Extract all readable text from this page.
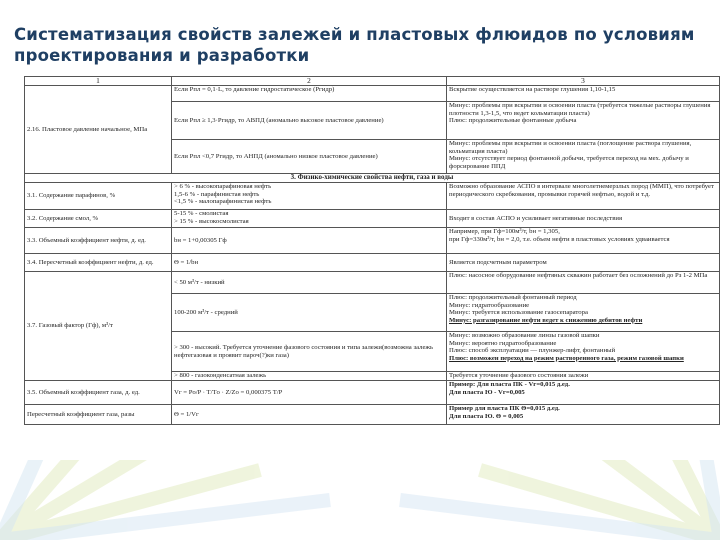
Систематизация свойств залежей и пластовых флюидов по условиям проектирования и разработки
1	2	3
2.16. Пластовое давление начальное, МПа	Если Pпл = 0,1·L, то давление гидростатическое (Pгидр)	Вскрытие осуществляется на растворе глушения 1,10-1,15
	Если Pпл ≥ 1,3·Pгидр, то АВПД (аномально высокое пластовое давление)	Минус: проблемы при вскрытии и освоении пласта (требуется тяжелые растворы глушения плотности 1,3-1,5, что ведет кольматации пласта)
Плюс: продолжительные фонтанные добыча

	Если Pпл <0,7 Pгидр, то АНПД (аномально низкое пластовое давление)	Минус: проблемы при вскрытии и освоении пласта (поглощение раствора глушения, кольматация пласта)
Минус: отсутствует период фонтанной добычи, требуется переход на мех. добычу и форсирование ППД

3. Физико-химические свойства нефти, газа и воды		
3.1. Содержание парафинов, %	> 6 % - высокопарафиновая нефть
1,5-6 % - парафинистая нефть
<1,5 % - малопарафинистая нефть	Возможно образование АСПО в интервале многолетнемерзлых пород (ММП), что потребует периодического скребкования, промывки горячей нефтью, водой и т.д.
3.2. Содержание смол, %	5-15 % - смолистая
> 15 % - высокосмолистая	Входит в состав АСПО и усиливает негативные последствия
3.3. Объемный коэффициент нефти, д. ед.	bн = 1+0,00305 Гф	Например, при Гф=100м³/т, bн = 1,305,
при Гф=330м³/т, bн = 2,0, т.е. объем нефти в пластовых условиях удваивается

3.4. Пересчетный коэффициент нефти, д. ед.	Θ = 1/bн	Является подсчетным параметром
3.7. Газовый фактор (Гф), м³/т	< 50 м³/т - низкий	Плюс: насосное оборудование нефтяных скважин работает без осложнений до Pз 1-2 МПа
	100-200 м³/т - средний	Плюс: продолжительный фонтанный период
Минус: гидратообразование
Минус: требуется использование газосепаратора
Минус: разгазирование нефти ведет к снижению дебитов нефти

	> 300 - высокий. Требуется уточнение фазового состояния и типа залежи(возможна залежь нефтегазовая и проявит пароч(?)ки газа)	Минус: возможно образование линзы газовой шапки
Минус: вероятно гидратообразование
Плюс: способ эксплуатации — плунжер-лифт, фонтанный
Плюс: возможен переход на режим растворенного газа, режим газовой шапки

	> 800 - газоконденсатная залежь	Требуется уточнение фазового состояния залежи
3.5. Объемный коэффициент газа, д. ед.	Vг = Pо/P · T/Tо · Z/Zо = 0,000375 T/P	Пример: Для пласта ПК - Vг=0,015 д.ед.
Для пласта Ю - Vг=0,005

Пересчетный коэффициент газа, разы	Θ = 1/Vг	Пример для пласта ПК Θ=0,015 д.ед.
Для пласта Ю. Θ = 0,005
